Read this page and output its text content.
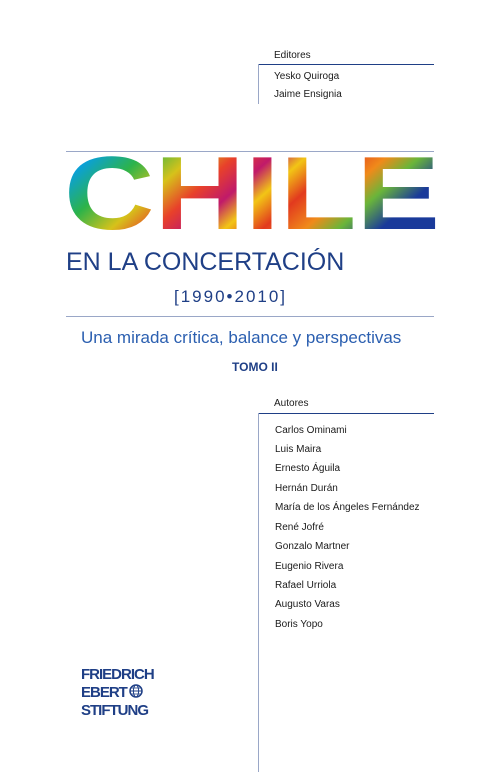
Editores
Yesko Quiroga
Jaime Ensignia
CHILE
EN LA CONCERTACIÓN
[1990•2010]
Una mirada crítica, balance y perspectivas
TOMO II
Autores
Carlos Ominami
Luis Maira
Ernesto Águila
Hernán Durán
María de los Ángeles Fernández
René Jofré
Gonzalo Martner
Eugenio Rivera
Rafael Urriola
Augusto Varas
Boris Yopo
FRIEDRICH
EBERT
STIFTUNG
